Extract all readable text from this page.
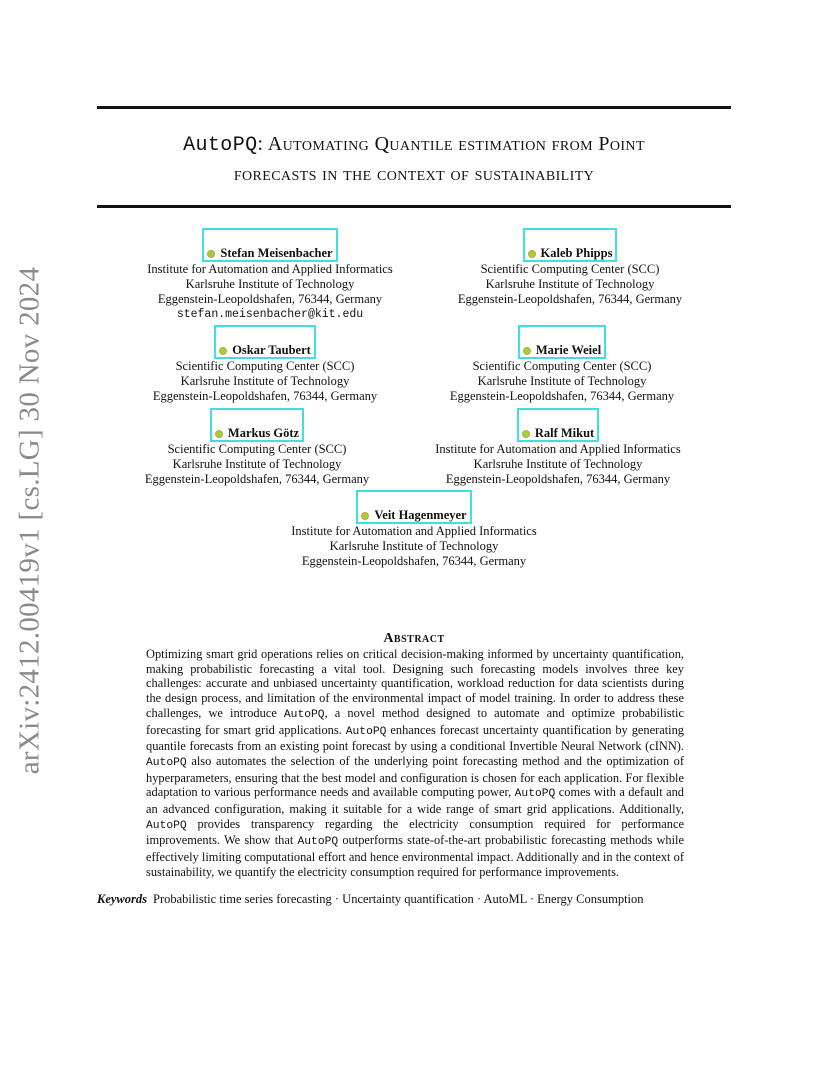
arXiv:2412.00419v1 [cs.LG] 30 Nov 2024
AutoPQ: Automating Quantile estimation from Point
forecasts in the context of sustainability
Stefan Meisenbacher
Institute for Automation and Applied Informatics
Karlsruhe Institute of Technology
Eggenstein-Leopoldshafen, 76344, Germany
stefan.meisenbacher@kit.edu
Kaleb Phipps
Scientific Computing Center (SCC)
Karlsruhe Institute of Technology
Eggenstein-Leopoldshafen, 76344, Germany
Oskar Taubert
Scientific Computing Center (SCC)
Karlsruhe Institute of Technology
Eggenstein-Leopoldshafen, 76344, Germany
Marie Weiel
Scientific Computing Center (SCC)
Karlsruhe Institute of Technology
Eggenstein-Leopoldshafen, 76344, Germany
Markus Götz
Scientific Computing Center (SCC)
Karlsruhe Institute of Technology
Eggenstein-Leopoldshafen, 76344, Germany
Ralf Mikut
Institute for Automation and Applied Informatics
Karlsruhe Institute of Technology
Eggenstein-Leopoldshafen, 76344, Germany
Veit Hagenmeyer
Institute for Automation and Applied Informatics
Karlsruhe Institute of Technology
Eggenstein-Leopoldshafen, 76344, Germany
Abstract
Optimizing smart grid operations relies on critical decision-making informed by uncertainty quantification, making probabilistic forecasting a vital tool. Designing such forecasting models involves three key challenges: accurate and unbiased uncertainty quantification, workload reduction for data scientists during the design process, and limitation of the environmental impact of model training. In order to address these challenges, we introduce AutoPQ, a novel method designed to automate and optimize probabilistic forecasting for smart grid applications. AutoPQ enhances forecast uncertainty quantification by generating quantile forecasts from an existing point forecast by using a conditional Invertible Neural Network (cINN). AutoPQ also automates the selection of the underlying point forecasting method and the optimization of hyperparameters, ensuring that the best model and configuration is chosen for each application. For flexible adaptation to various performance needs and available computing power, AutoPQ comes with a default and an advanced configuration, making it suitable for a wide range of smart grid applications. Additionally, AutoPQ provides transparency regarding the electricity consumption required for performance improvements. We show that AutoPQ outperforms state-of-the-art probabilistic forecasting methods while effectively limiting computational effort and hence environmental impact. Additionally and in the context of sustainability, we quantify the electricity consumption required for performance improvements.
Keywords Probabilistic time series forecasting · Uncertainty quantification · AutoML · Energy Consumption
